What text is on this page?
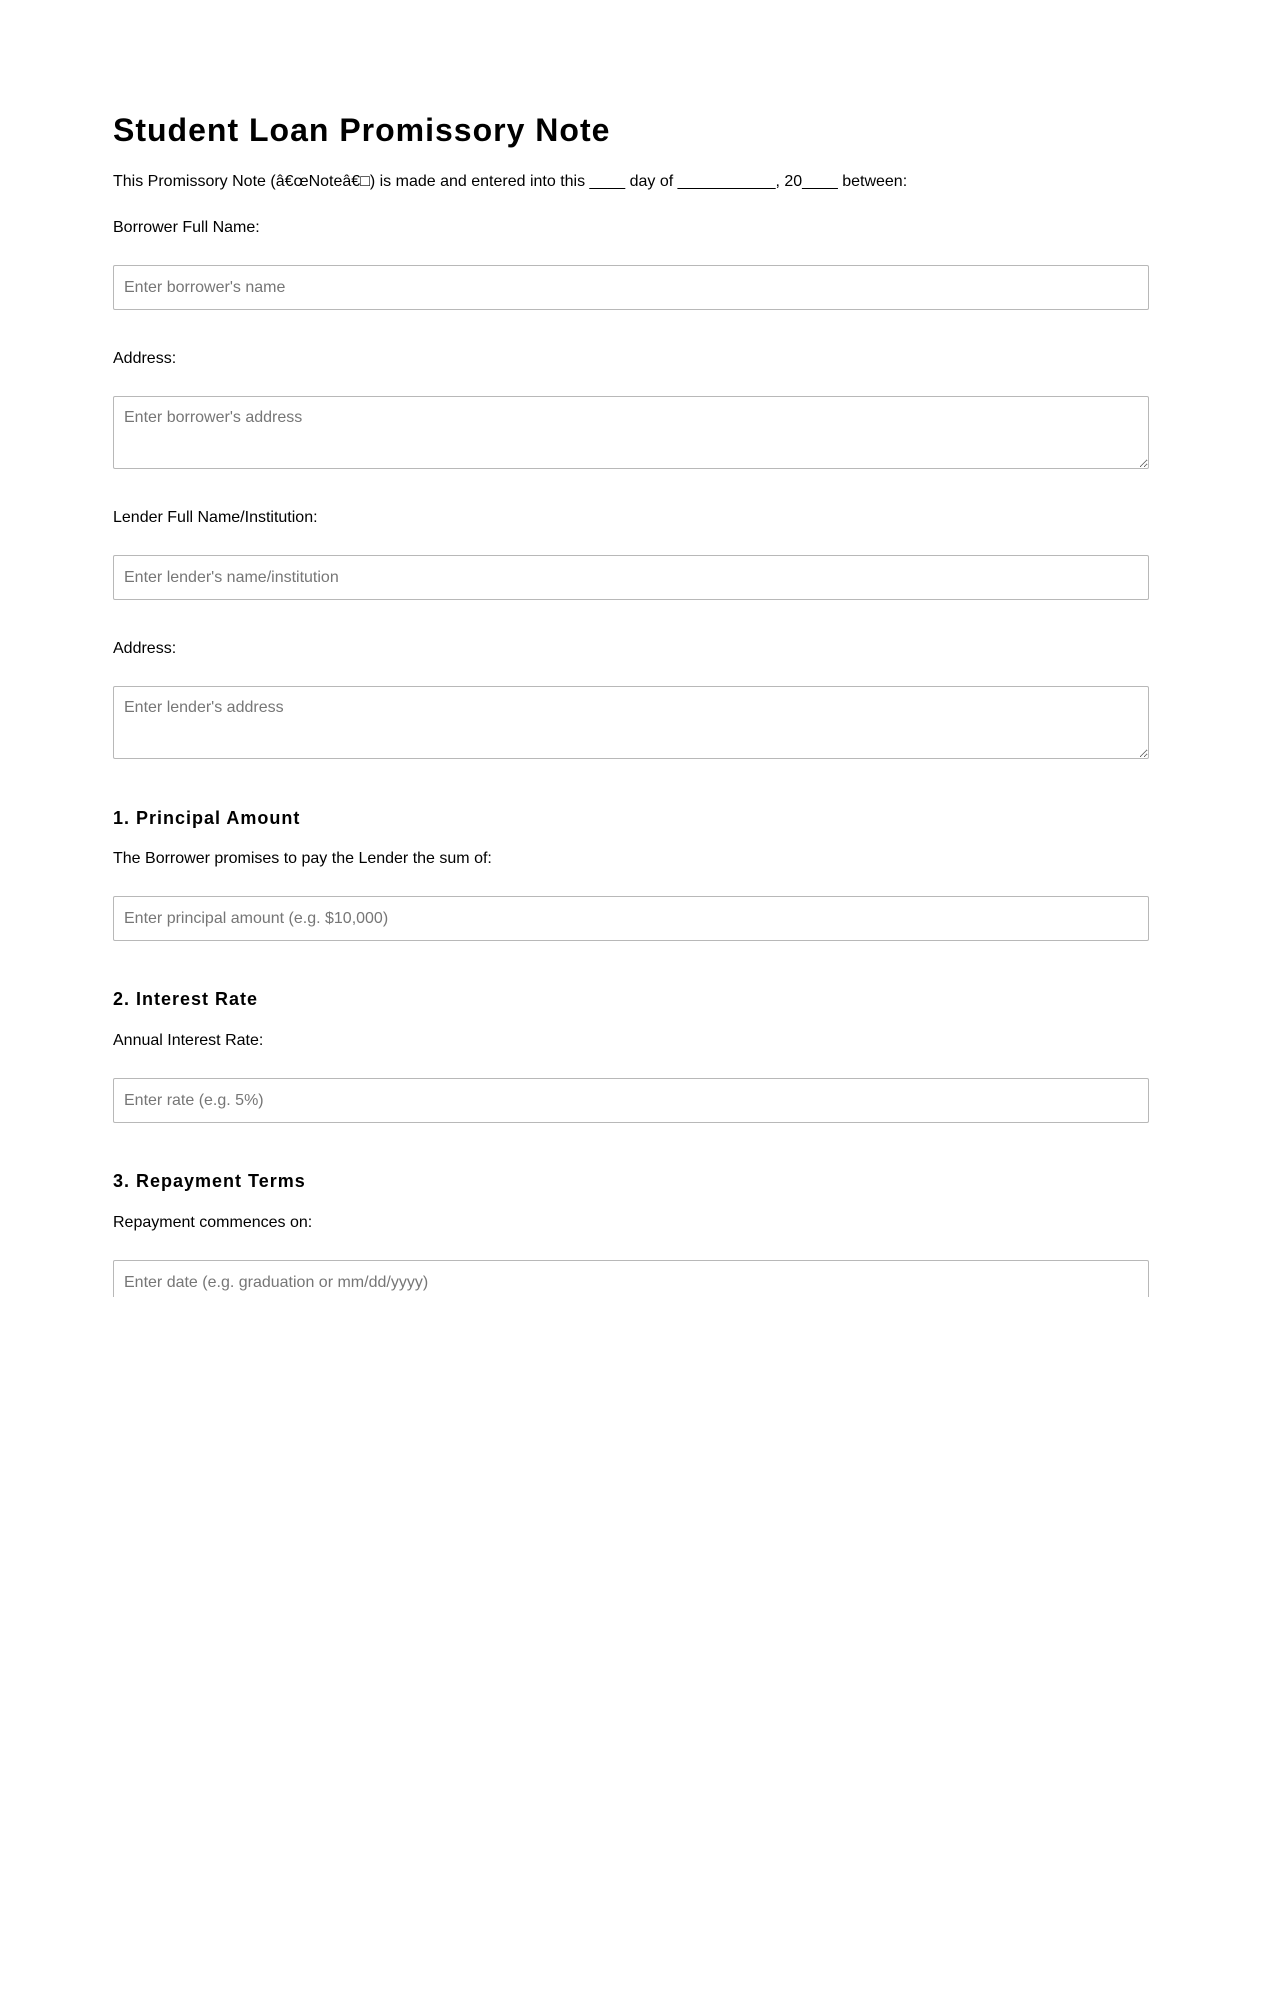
Student Loan Promissory Note
This Promissory Note (â€œNoteâ€□) is made and entered into this ____ day of ___________, 20____ between:
Borrower Full Name:
Enter borrower's name
Address:
Enter borrower's address
Lender Full Name/Institution:
Enter lender's name/institution
Address:
Enter lender's address
1. Principal Amount
The Borrower promises to pay the Lender the sum of:
Enter principal amount (e.g. $10,000)
2. Interest Rate
Annual Interest Rate:
Enter rate (e.g. 5%)
3. Repayment Terms
Repayment commences on:
Enter date (e.g. graduation or mm/dd/yyyy)
